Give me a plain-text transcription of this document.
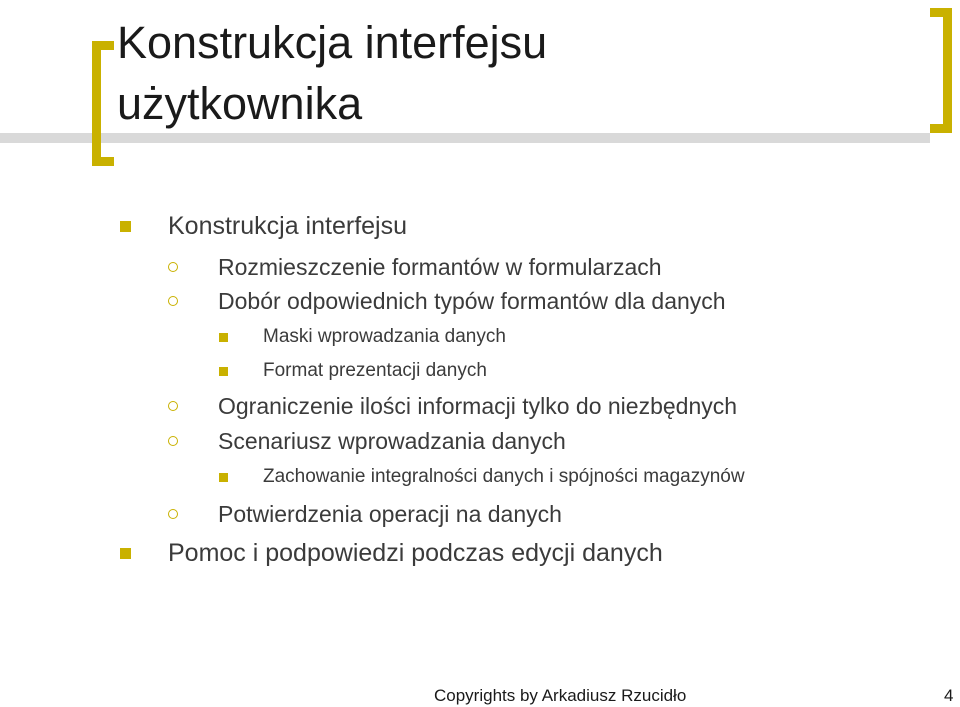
Konstrukcja interfejsu
użytkownika
Konstrukcja interfejsu
Rozmieszczenie formantów w formularzach
Dobór odpowiednich typów formantów dla danych
Maski wprowadzania danych
Format prezentacji danych
Ograniczenie ilości informacji tylko do niezbędnych
Scenariusz wprowadzania danych
Zachowanie integralności danych i spójności magazynów
Potwierdzenia operacji na danych
Pomoc i podpowiedzi podczas edycji danych
Copyrights by Arkadiusz Rzucidło	4
